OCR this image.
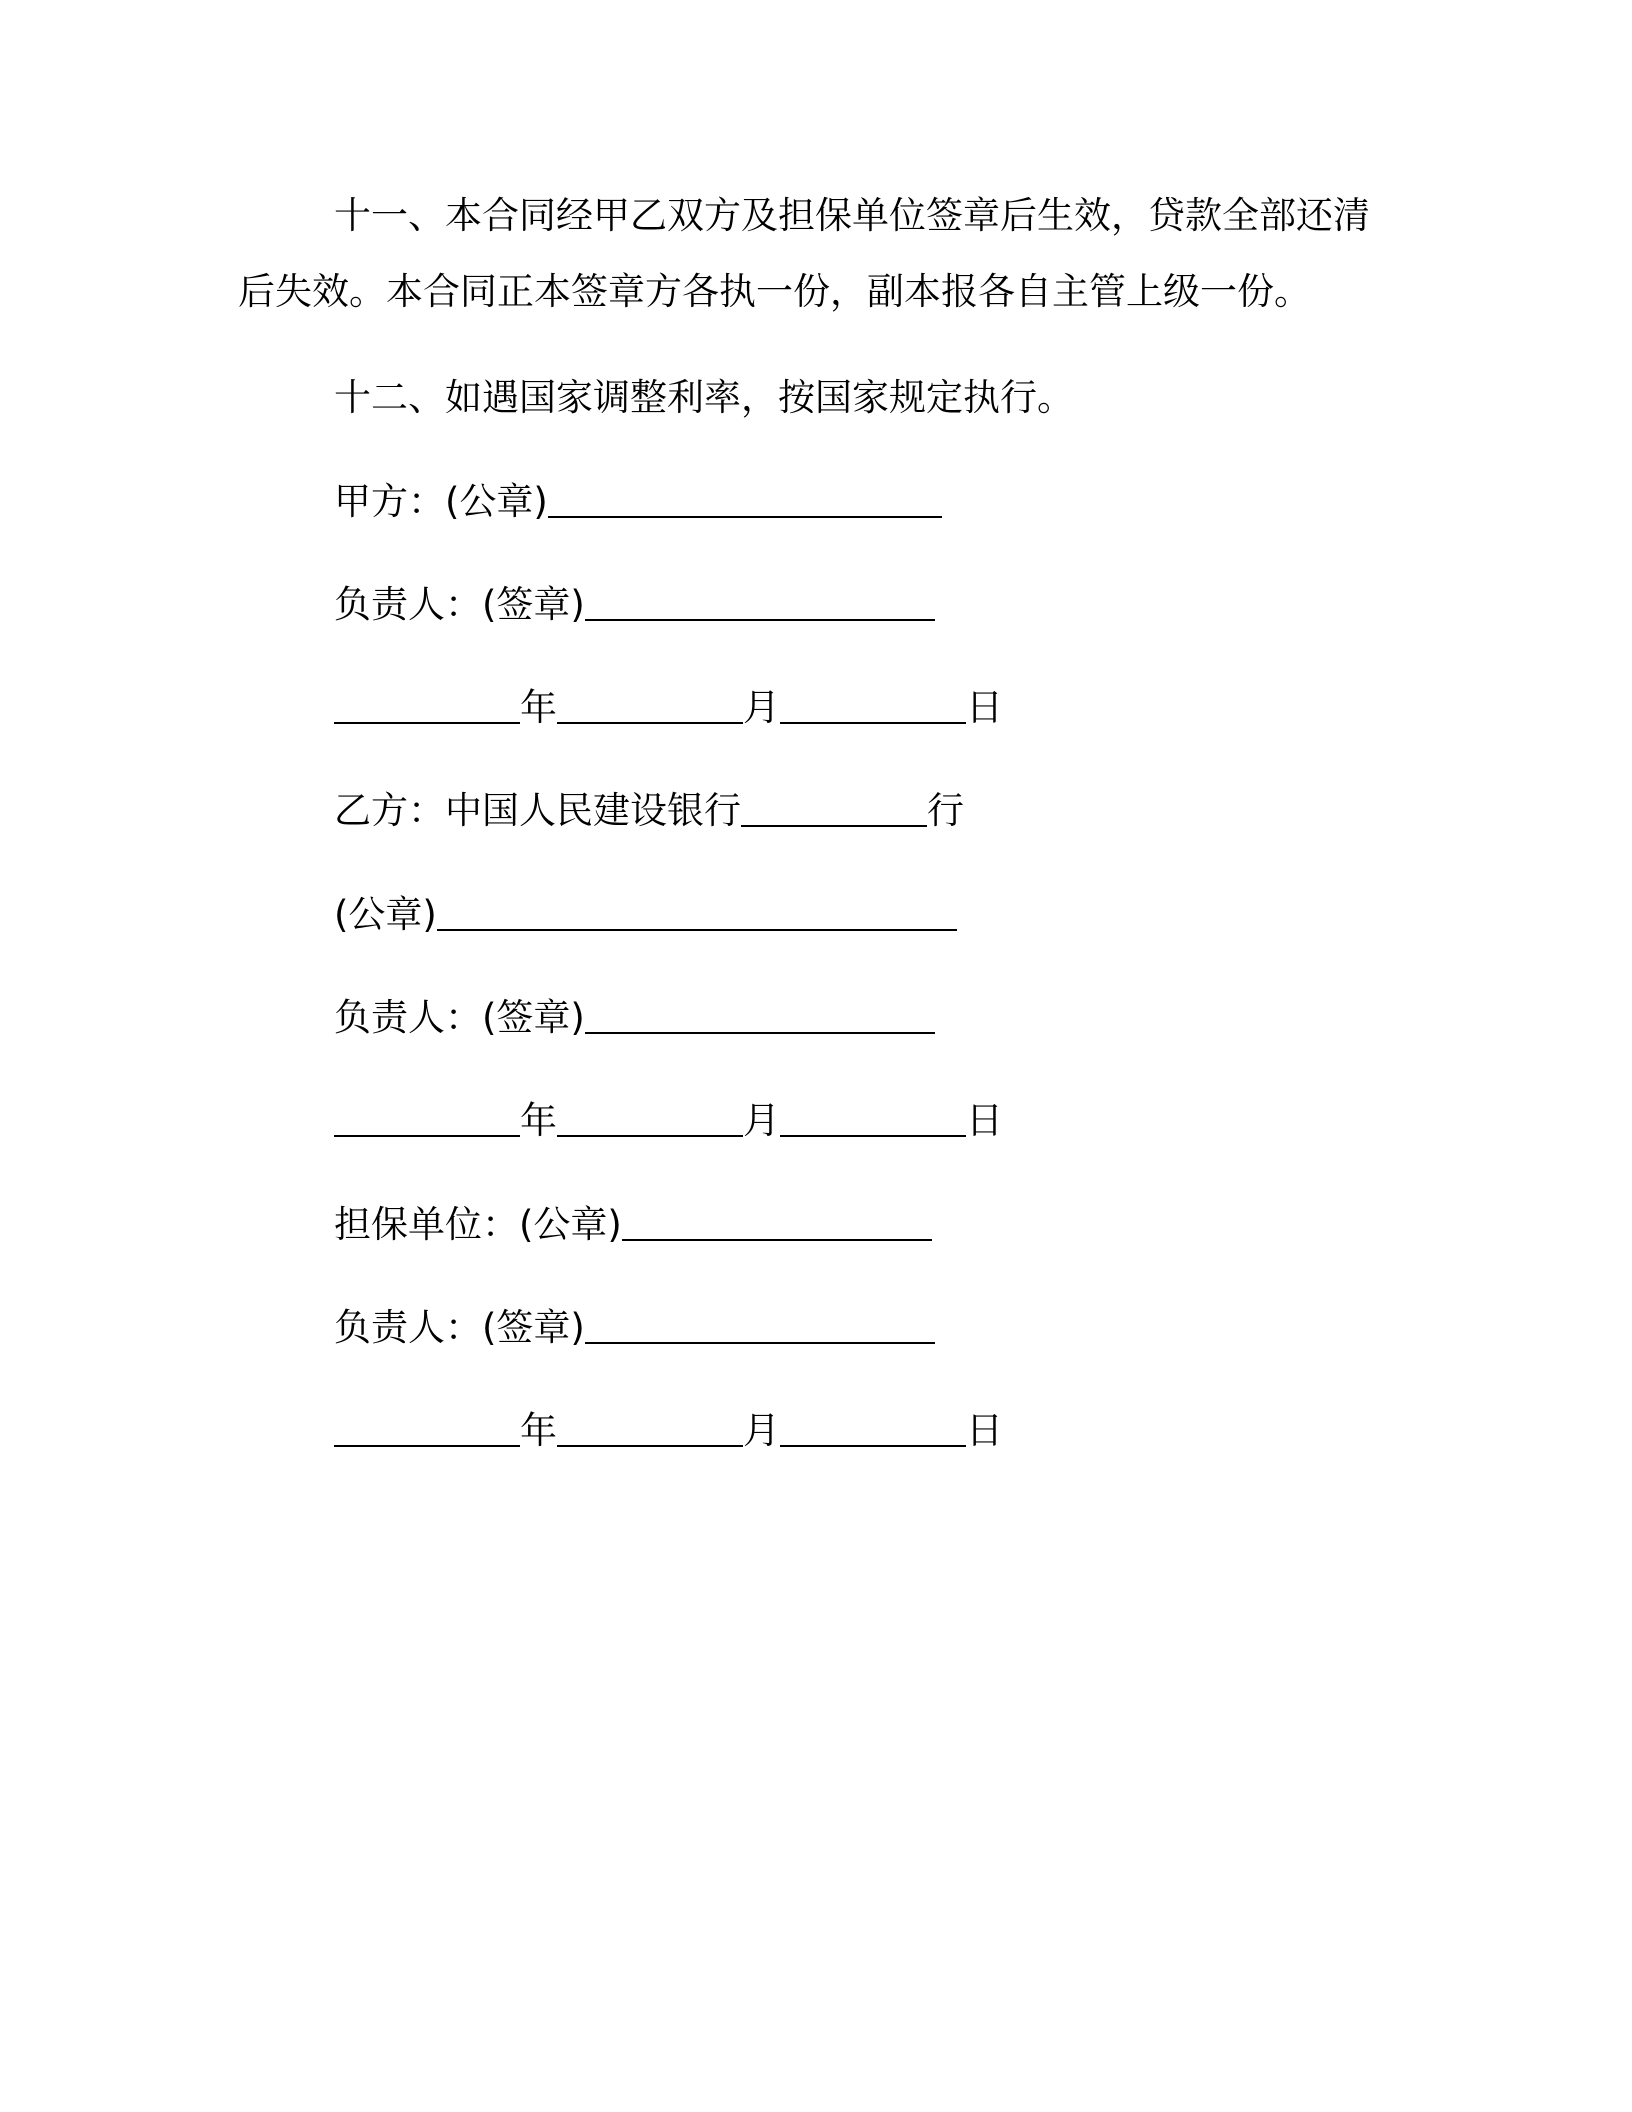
十一、本合同经甲乙双方及担保单位签章后生效，贷款全部还清后失效。本合同正本签章方各执一份，副本报各自主管上级一份。
十二、如遇国家调整利率，按国家规定执行。
甲方：(公章)
负责人：(签章)
年	月	日
乙方：中国人民建设银行	行
(公章)
负责人：(签章)
年	月	日
担保单位：(公章)
负责人：(签章)
年	月	日
